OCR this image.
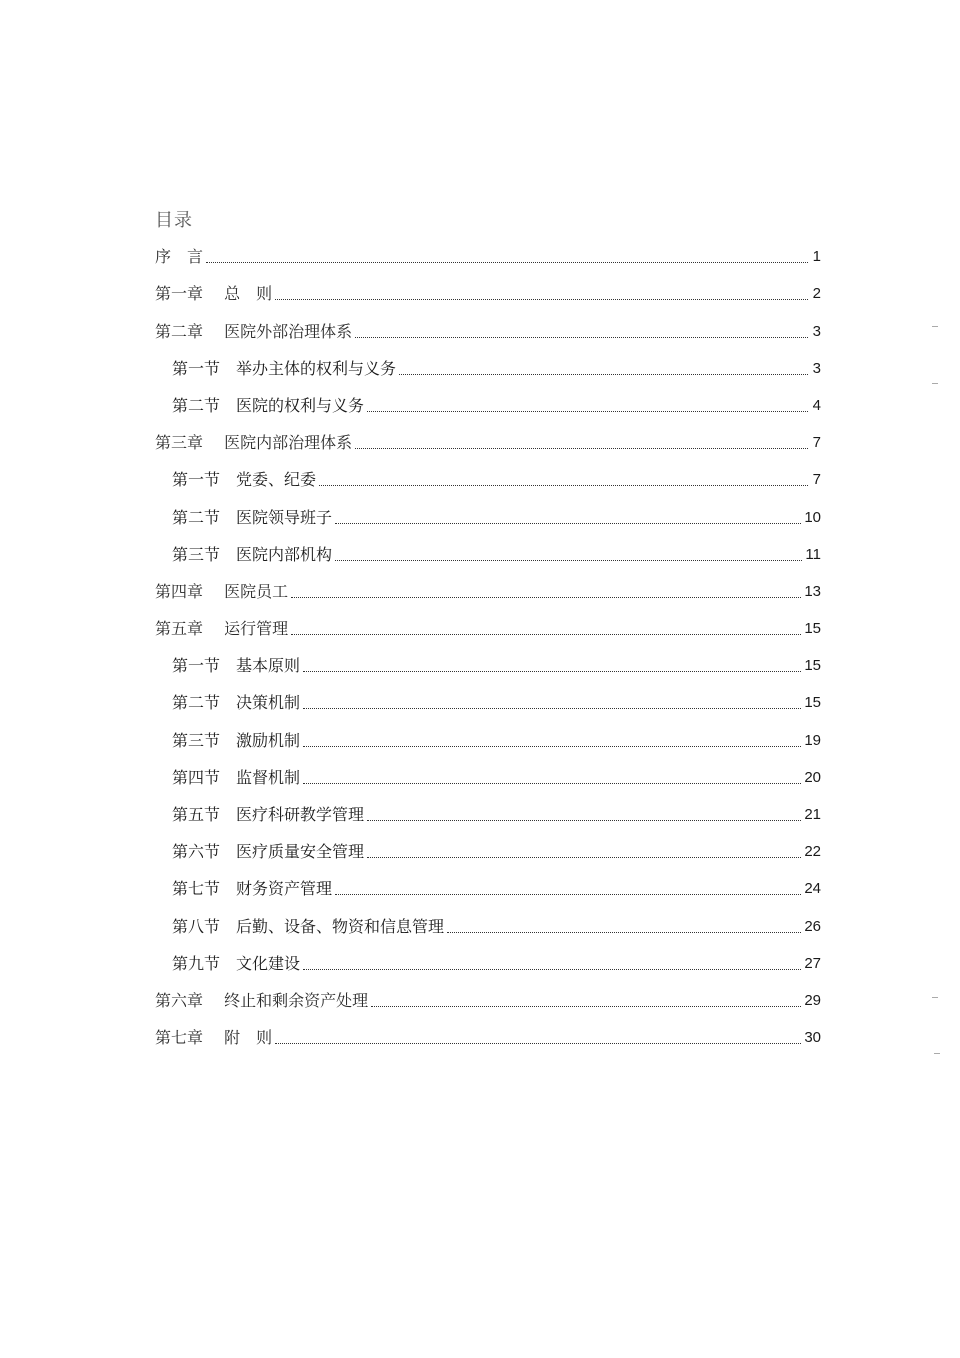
目录
序　言	1
第一章　 总　则	2
第二章　 医院外部治理体系	3
第一节　举办主体的权利与义务	3
第二节　医院的权利与义务	4
第三章　 医院内部治理体系	7
第一节　党委、纪委	7
第二节　医院领导班子	10
第三节　医院内部机构	11
第四章　 医院员工	13
第五章　 运行管理	15
第一节　基本原则	15
第二节　决策机制	15
第三节　激励机制	19
第四节　监督机制	20
第五节　医疗科研教学管理	21
第六节　医疗质量安全管理	22
第七节　财务资产管理	24
第八节　后勤、设备、物资和信息管理	26
第九节　文化建设	27
第六章　 终止和剩余资产处理	29
第七章　 附　则	30
